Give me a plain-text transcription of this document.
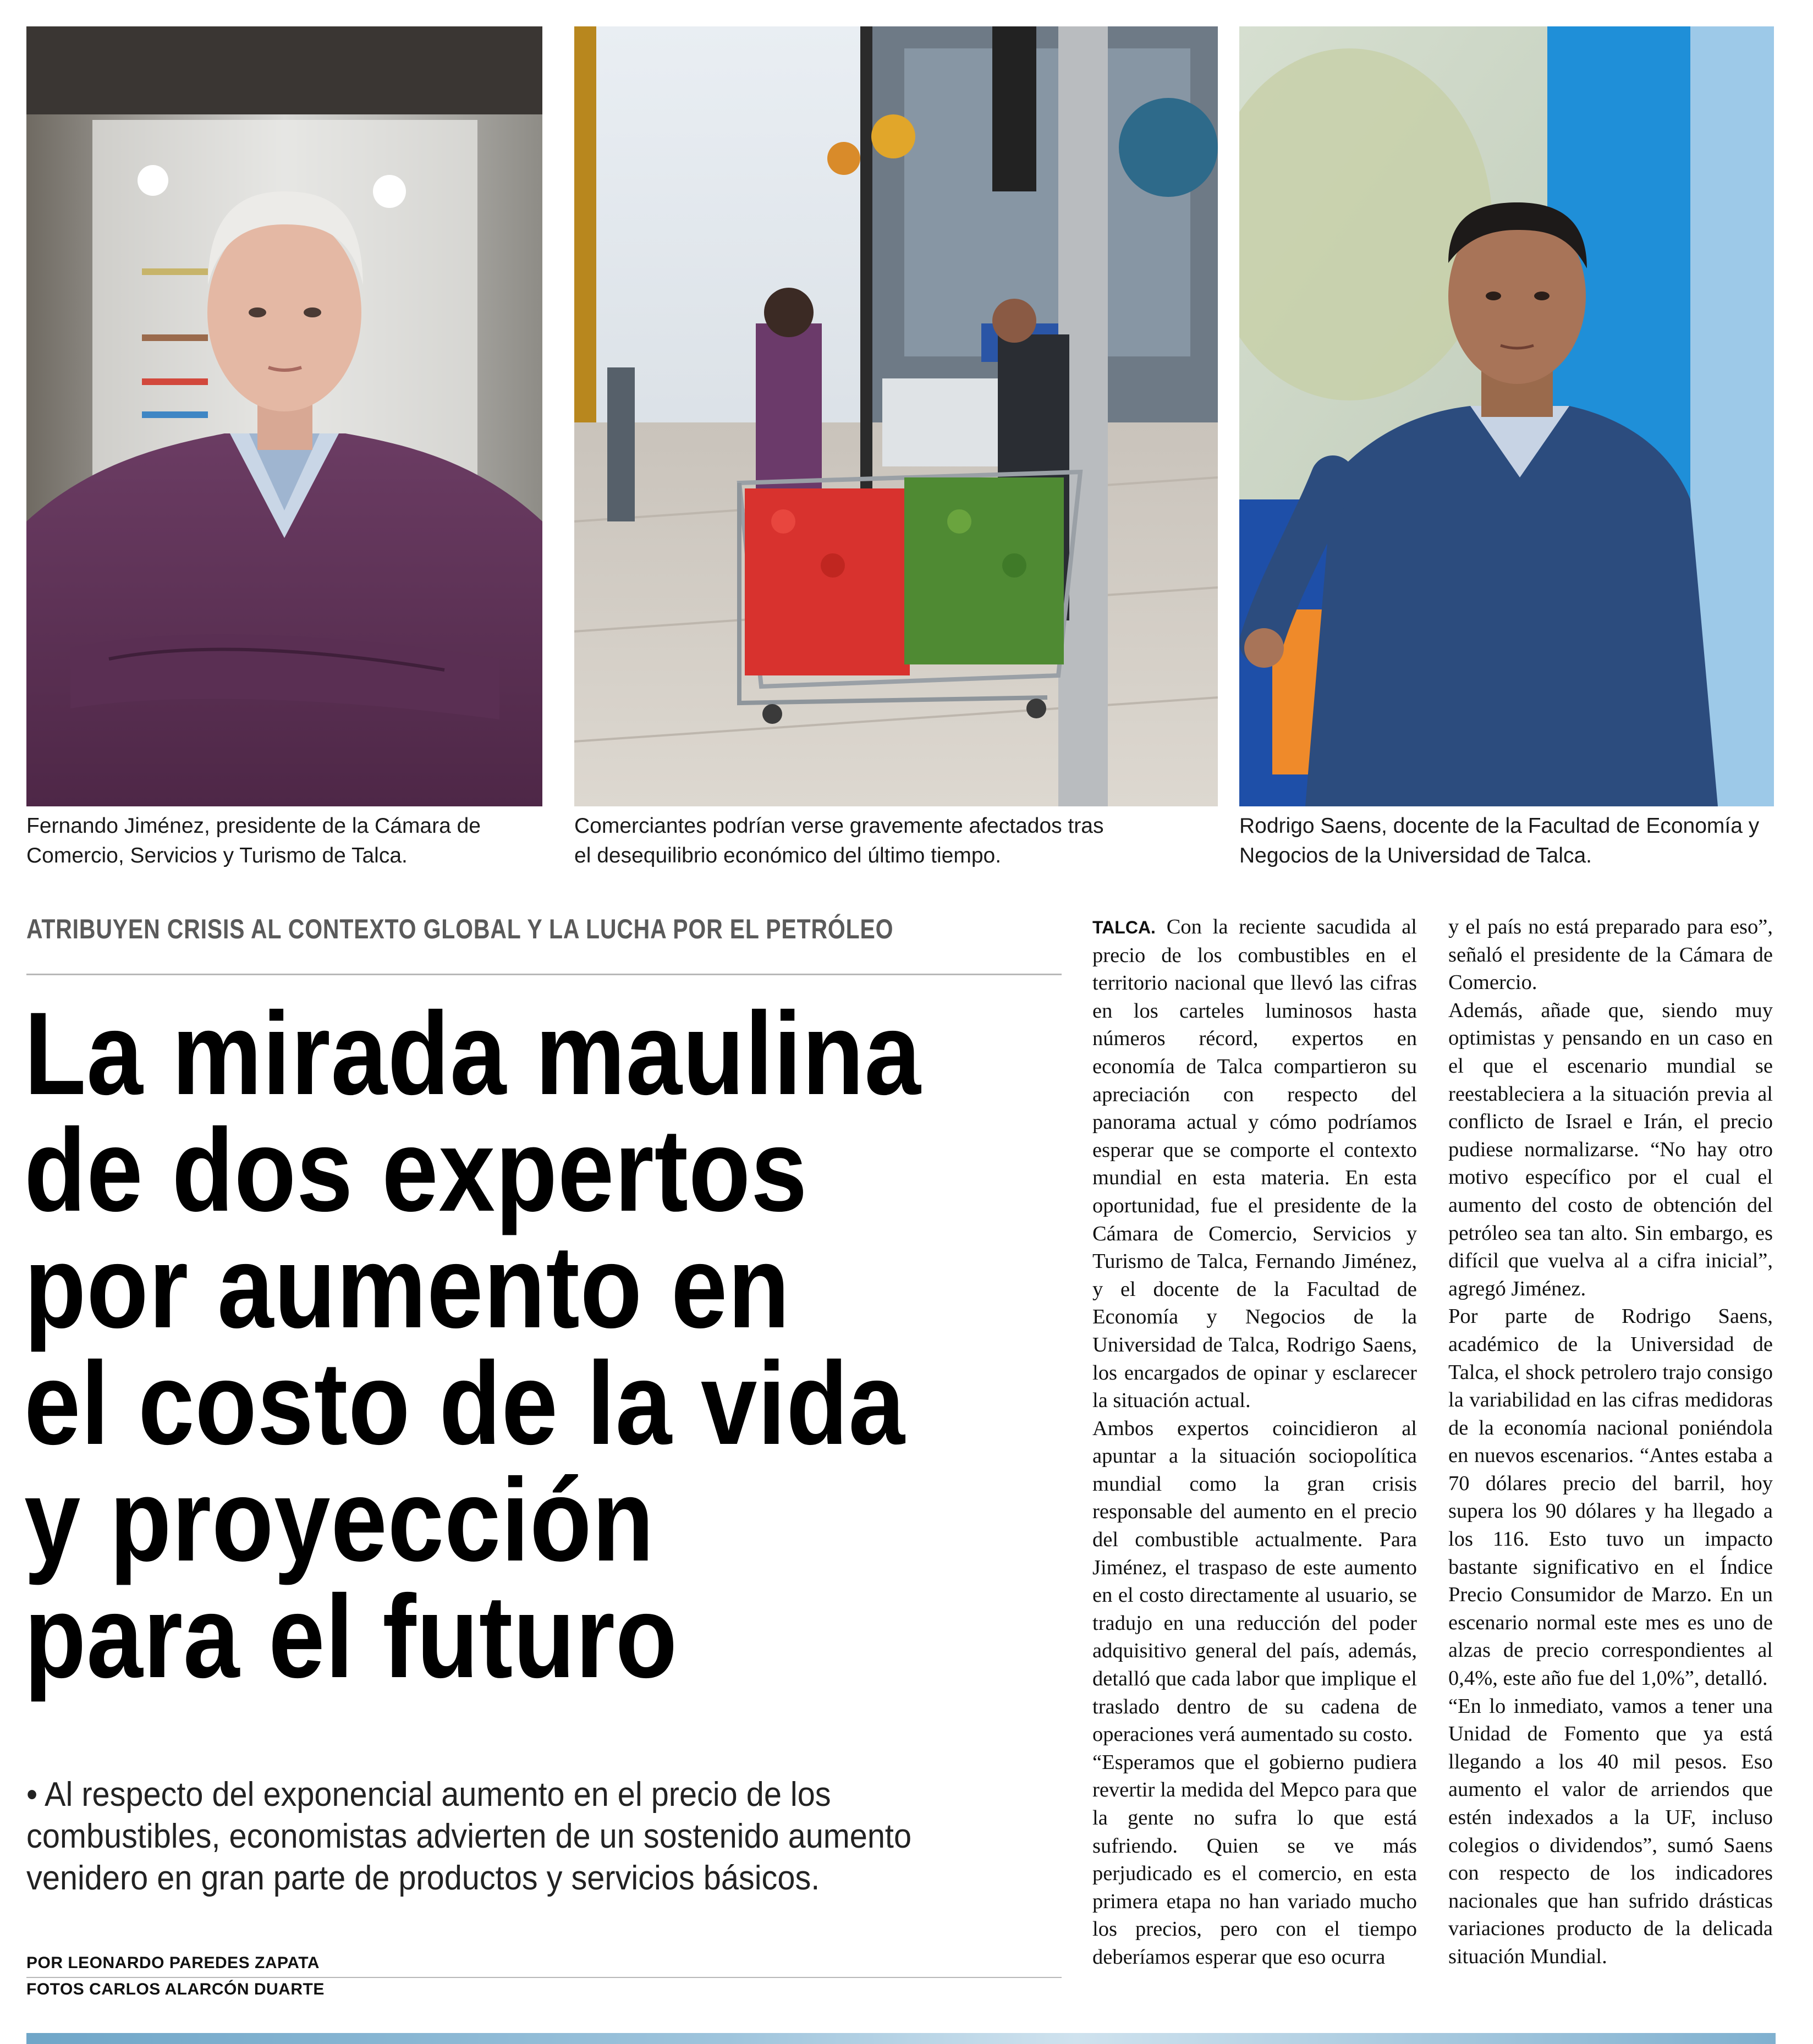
Fernando Jiménez, presidente de la Cámara de Comercio, Servicios y Turismo de Talca.
Comerciantes podrían verse gravemente afectados tras el desequilibrio económico del último tiempo.
Rodrigo Saens, docente de la Facultad de Economía y Negocios de la Universidad de Talca.
ATRIBUYEN CRISIS AL CONTEXTO GLOBAL Y LA LUCHA POR EL PETRÓLEO
La mirada maulina
de dos expertos
por aumento en
el costo de la vida
y proyección
para el futuro
• Al respecto del exponencial aumento en el precio de los combustibles, economistas advierten de un sostenido aumento venidero en gran parte de productos y servicios básicos.
POR LEONARDO PAREDES ZAPATA
FOTOS CARLOS ALARCÓN DUARTE

TALCA. Con la reciente sacudida al precio de los combustibles en el territorio nacional que llevó las cifras en los carteles luminosos hasta números récord, expertos en economía de Talca compartieron su apreciación con respecto del panorama actual y cómo podríamos esperar que se comporte el contexto mundial en esta materia. En esta oportunidad, fue el presidente de la Cámara de Comercio, Servicios y Turismo de Talca, Fernando Jiménez, y el docente de la Facultad de Economía y Negocios de la Universidad de Talca, Rodrigo Saens, los encargados de opinar y esclarecer la situación actual.

Ambos expertos coincidieron al apuntar a la situación sociopolítica mundial como la gran crisis responsable del aumento en el precio del combustible actualmente. Para Jiménez, el traspaso de este aumento en el costo directamente al usuario, se tradujo en una reducción del poder adquisitivo general del país, además, detalló que cada labor que implique el traslado dentro de su cadena de operaciones verá aumentado su costo.

“Esperamos que el gobierno pudiera revertir la medida del Mepco para que la gente no sufra lo que está sufriendo. Quien se ve más perjudicado es el comercio, en esta primera etapa no han variado mucho los precios, pero con el tiempo deberíamos esperar que eso ocurra

y el país no está preparado para eso”, señaló el presidente de la Cámara de Comercio.

Además, añade que, siendo muy optimistas y pensando en un caso en el que el escenario mundial se reestableciera a la situación previa al conflicto de Israel e Irán, el precio pudiese normalizarse. “No hay otro motivo específico por el cual el aumento del costo de obtención del petróleo sea tan alto. Sin embargo, es difícil que vuelva al a cifra inicial”, agregó Jiménez.

Por parte de Rodrigo Saens, académico de la Universidad de Talca, el shock petrolero trajo consigo la variabilidad en las cifras medidoras de la economía nacional poniéndola en nuevos escenarios. “Antes estaba a 70 dólares precio del barril, hoy supera los 90 dólares y ha llegado a los 116. Esto tuvo un impacto bastante significativo en el Índice Precio Consumidor de Marzo. En un escenario normal este mes es uno de alzas de precio correspondientes al 0,4%, este año fue del 1,0%”, detalló.

“En lo inmediato, vamos a tener una Unidad de Fomento que ya está llegando a los 40 mil pesos. Eso aumento el valor de arriendos que estén indexados a la UF, incluso colegios o dividendos”, sumó Saens con respecto de los indicadores nacionales que han sufrido drásticas variaciones producto de la delicada situación Mundial.
